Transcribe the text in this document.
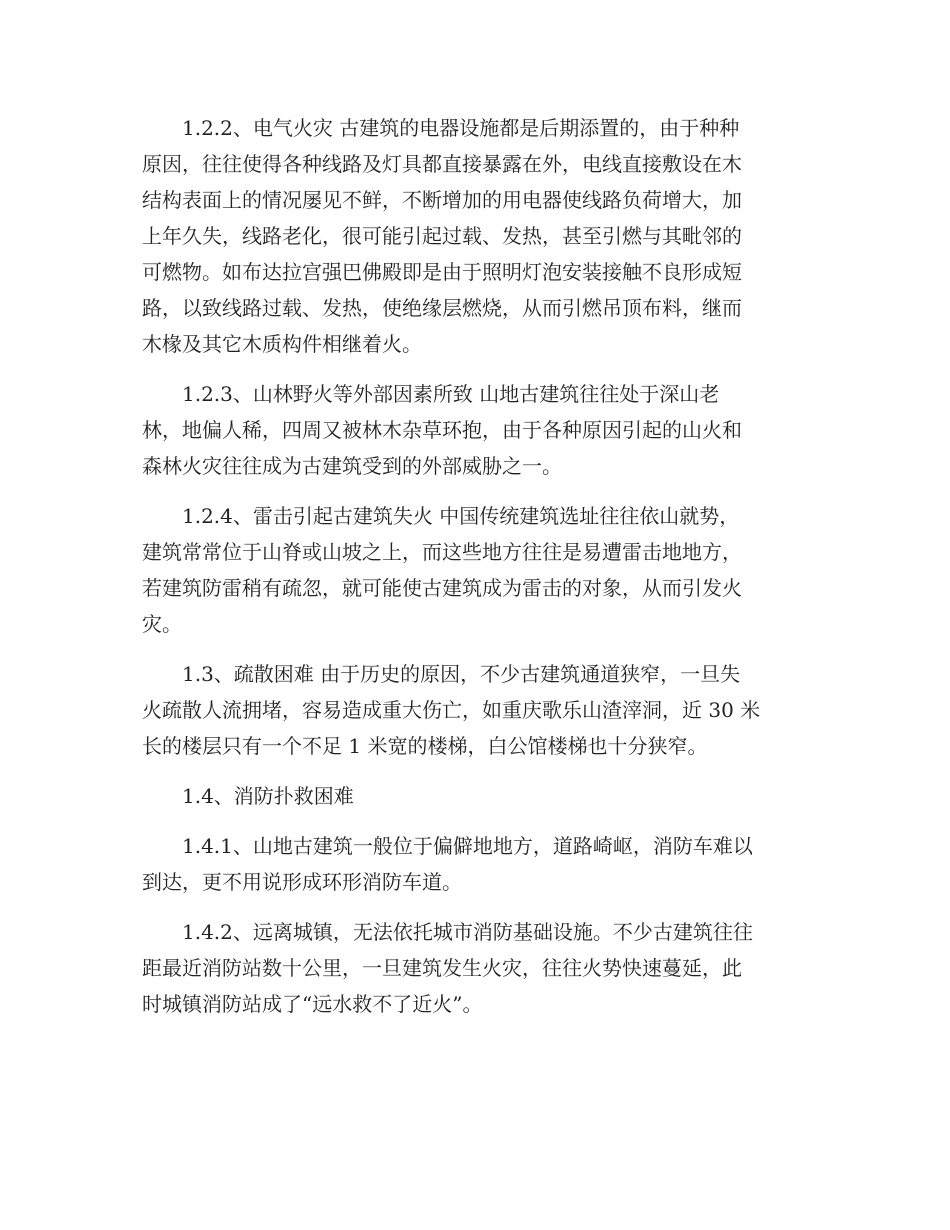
1.2.2、电气火灾 古建筑的电器设施都是后期添置的，由于种种
原因，往往使得各种线路及灯具都直接暴露在外，电线直接敷设在木
结构表面上的情况屡见不鲜，不断增加的用电器使线路负荷增大，加
上年久失，线路老化，很可能引起过载、发热，甚至引燃与其毗邻的
可燃物。如布达拉宫强巴佛殿即是由于照明灯泡安装接触不良形成短
路，以致线路过载、发热，使绝缘层燃烧，从而引燃吊顶布料，继而
木椽及其它木质构件相继着火。

1.2.3、山林野火等外部因素所致 山地古建筑往往处于深山老
林，地偏人稀，四周又被林木杂草环抱，由于各种原因引起的山火和
森林火灾往往成为古建筑受到的外部威胁之一。

1.2.4、雷击引起古建筑失火 中国传统建筑选址往往依山就势，
建筑常常位于山脊或山坡之上，而这些地方往往是易遭雷击地地方，
若建筑防雷稍有疏忽，就可能使古建筑成为雷击的对象，从而引发火
灾。

1.3、疏散困难 由于历史的原因，不少古建筑通道狭窄，一旦失
火疏散人流拥堵，容易造成重大伤亡，如重庆歌乐山渣滓洞，近 30 米
长的楼层只有一个不足 1 米宽的楼梯，白公馆楼梯也十分狭窄。

1.4、消防扑救困难

1.4.1、山地古建筑一般位于偏僻地地方，道路崎岖，消防车难以
到达，更不用说形成环形消防车道。

1.4.2、远离城镇，无法依托城市消防基础设施。不少古建筑往往
距最近消防站数十公里，一旦建筑发生火灾，往往火势快速蔓延，此
时城镇消防站成了“远水救不了近火”。
